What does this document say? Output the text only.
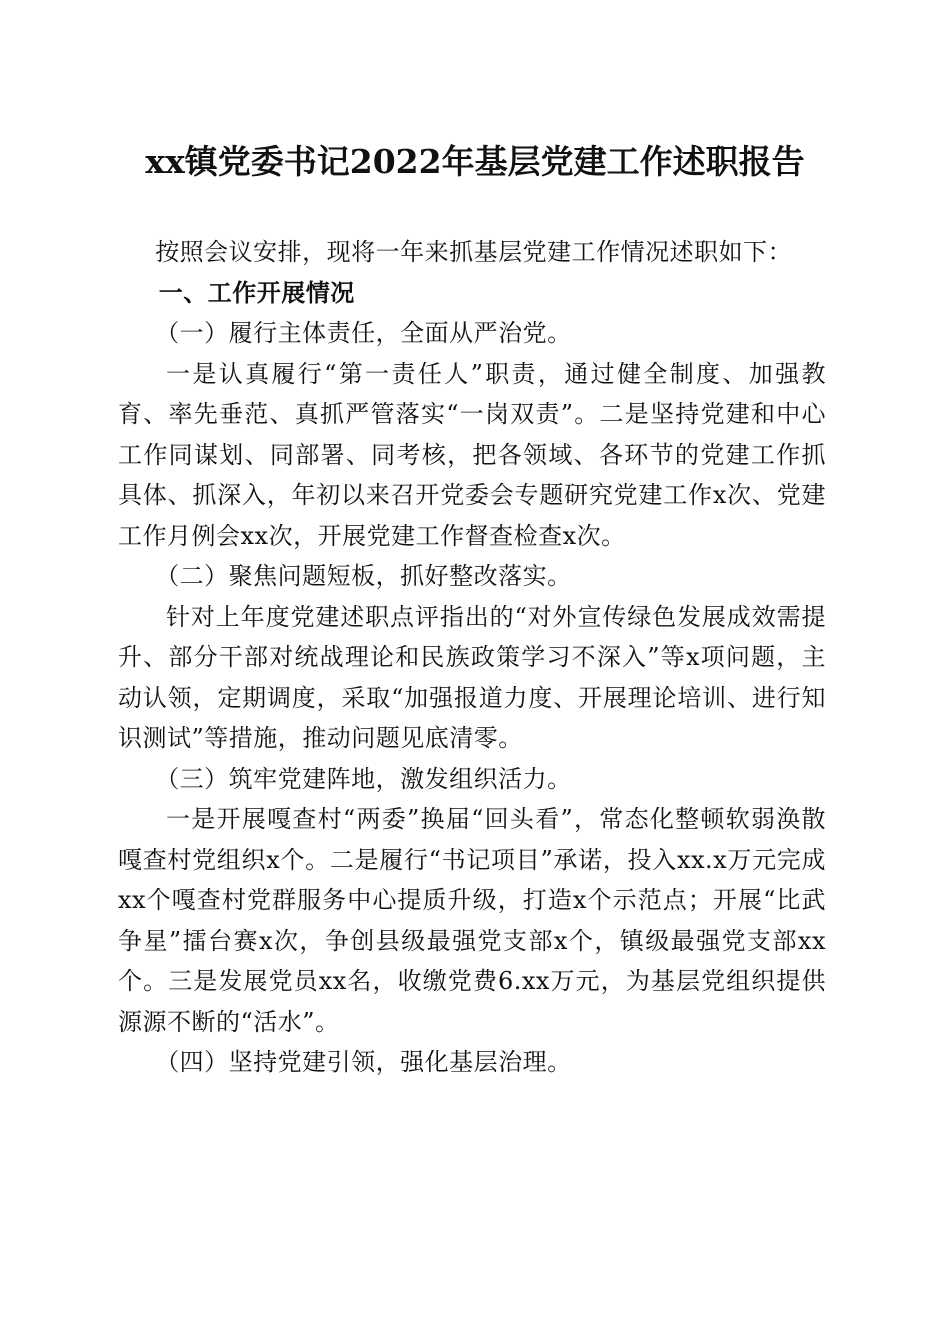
xx镇党委书记2022年基层党建工作述职报告

按照会议安排，现将一年来抓基层党建工作情况述职如下：

一、工作开展情况

（一）履行主体责任，全面从严治党。

一是认真履行“第一责任人”职责，通过健全制度、加强教育、率先垂范、真抓严管落实“一岗双责”。二是坚持党建和中心工作同谋划、同部署、同考核，把各领域、各环节的党建工作抓具体、抓深入，年初以来召开党委会专题研究党建工作x次、党建工作月例会xx次，开展党建工作督查检查x次。

（二）聚焦问题短板，抓好整改落实。

针对上年度党建述职点评指出的“对外宣传绿色发展成效需提升、部分干部对统战理论和民族政策学习不深入”等x项问题，主动认领，定期调度，采取“加强报道力度、开展理论培训、进行知识测试”等措施，推动问题见底清零。

（三）筑牢党建阵地，激发组织活力。

一是开展嘎查村“两委”换届“回头看”，常态化整顿软弱涣散嘎查村党组织x个。二是履行“书记项目”承诺，投入xx.x万元完成xx个嘎查村党群服务中心提质升级，打造x个示范点；开展“比武争星”擂台赛x次，争创县级最强党支部x个，镇级最强党支部xx个。三是发展党员xx名，收缴党费6.xx万元，为基层党组织提供源源不断的“活水”。

（四）坚持党建引领，强化基层治理。
